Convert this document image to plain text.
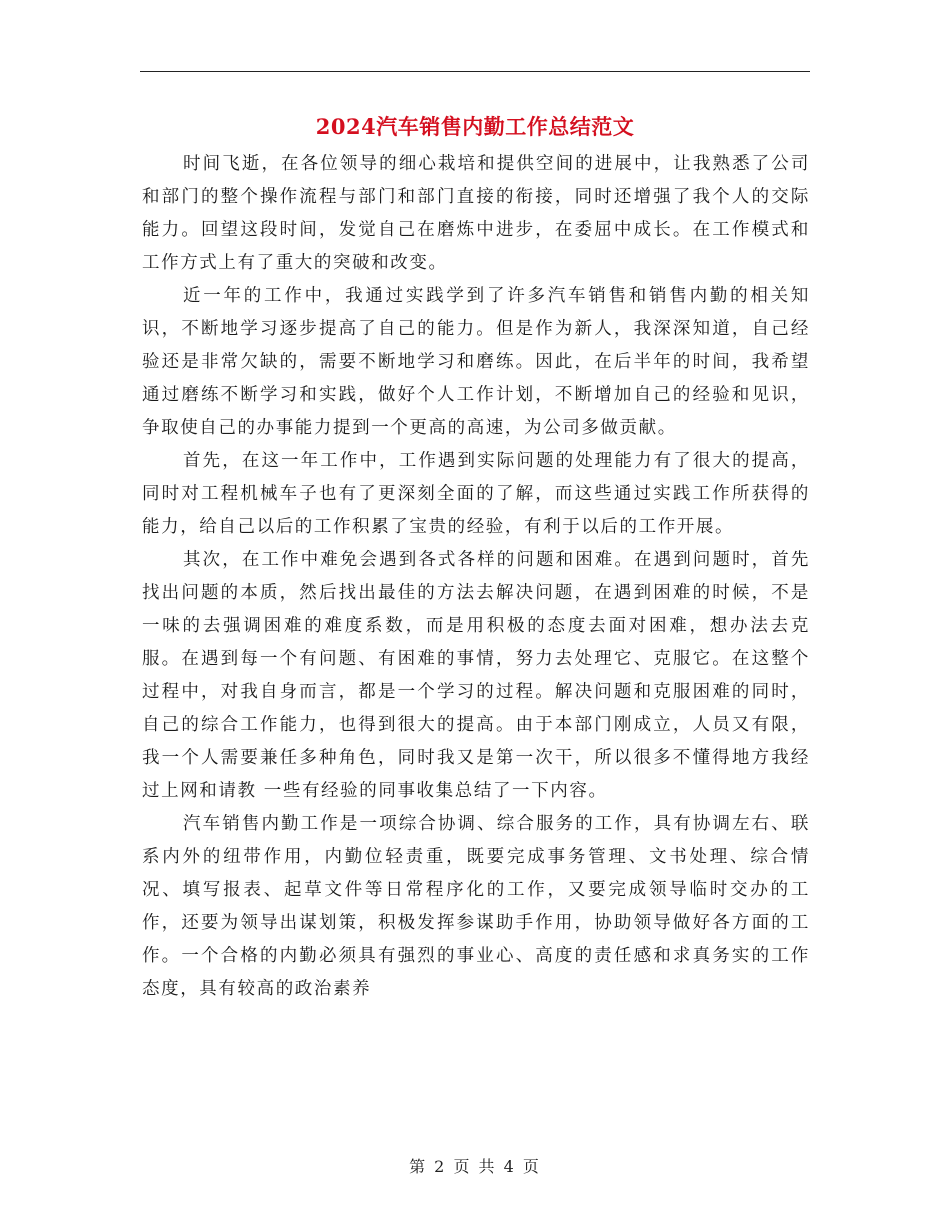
2024汽车销售内勤工作总结范文

时间飞逝，在各位领导的细心栽培和提供空间的进展中，让我熟悉了公司和部门的整个操作流程与部门和部门直接的衔接，同时还增强了我个人的交际能力。回望这段时间，发觉自己在磨炼中进步，在委屈中成长。在工作模式和工作方式上有了重大的突破和改变。

近一年的工作中，我通过实践学到了许多汽车销售和销售内勤的相关知识，不断地学习逐步提高了自己的能力。但是作为新人，我深深知道，自己经验还是非常欠缺的，需要不断地学习和磨练。因此，在后半年的时间，我希望通过磨练不断学习和实践，做好个人工作计划，不断增加自己的经验和见识，争取使自己的办事能力提到一个更高的高速，为公司多做贡献。

首先，在这一年工作中，工作遇到实际问题的处理能力有了很大的提高，同时对工程机械车子也有了更深刻全面的了解，而这些通过实践工作所获得的能力，给自己以后的工作积累了宝贵的经验，有利于以后的工作开展。

其次，在工作中难免会遇到各式各样的问题和困难。在遇到问题时，首先找出问题的本质，然后找出最佳的方法去解决问题，在遇到困难的时候，不是一味的去强调困难的难度系数，而是用积极的态度去面对困难，想办法去克服。在遇到每一个有问题、有困难的事情，努力去处理它、克服它。在这整个过程中，对我自身而言，都是一个学习的过程。解决问题和克服困难的同时，自己的综合工作能力，也得到很大的提高。由于本部门刚成立，人员又有限，我一个人需要兼任多种角色，同时我又是第一次干，所以很多不懂得地方我经过上网和请教 一些有经验的同事收集总结了一下内容。

汽车销售内勤工作是一项综合协调、综合服务的工作，具有协调左右、联系内外的纽带作用，内勤位轻责重，既要完成事务管理、文书处理、综合情况、填写报表、起草文件等日常程序化的工作，又要完成领导临时交办的工作，还要为领导出谋划策，积极发挥参谋助手作用，协助领导做好各方面的工作。一个合格的内勤必须具有强烈的事业心、高度的责任感和求真务实的工作态度，具有较高的政治素养

第 2 页 共 4 页
